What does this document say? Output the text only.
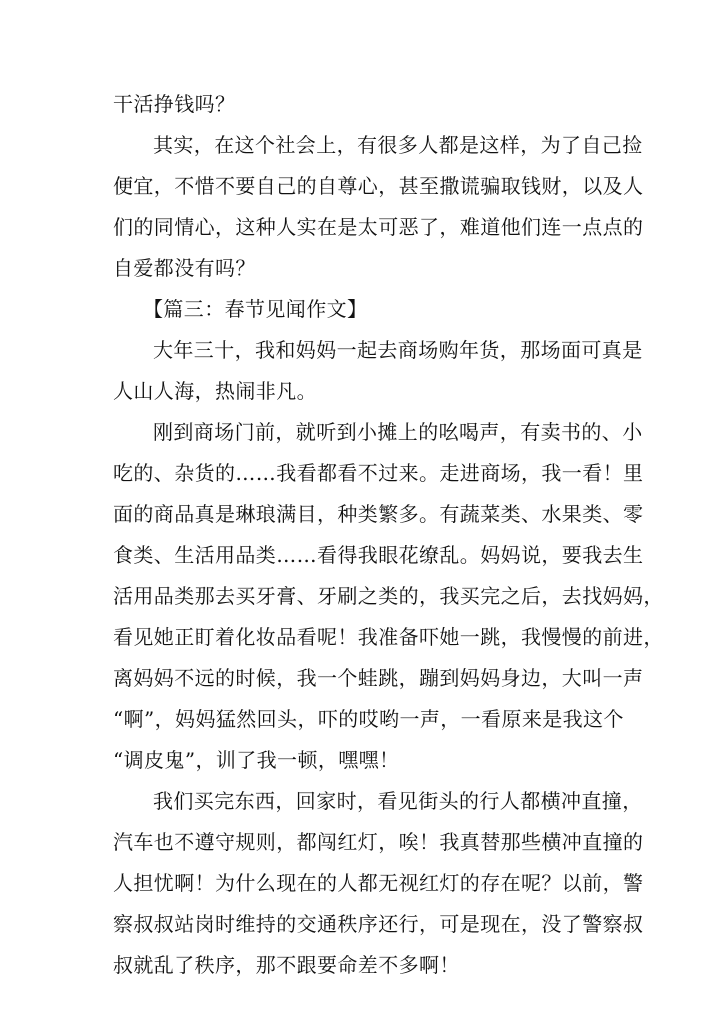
干活挣钱吗？
其实，在这个社会上，有很多人都是这样，为了自己捡
便宜，不惜不要自己的自尊心，甚至撒谎骗取钱财，以及人
们的同情心，这种人实在是太可恶了，难道他们连一点点的
自爱都没有吗？
【篇三：春节见闻作文】
大年三十，我和妈妈一起去商场购年货，那场面可真是
人山人海，热闹非凡。
刚到商场门前，就听到小摊上的吆喝声，有卖书的、小
吃的、杂货的……我看都看不过来。走进商场，我一看！里
面的商品真是琳琅满目，种类繁多。有蔬菜类、水果类、零
食类、生活用品类……看得我眼花缭乱。妈妈说，要我去生
活用品类那去买牙膏、牙刷之类的，我买完之后，去找妈妈，
看见她正盯着化妆品看呢！我准备吓她一跳，我慢慢的前进，
离妈妈不远的时候，我一个蛙跳，蹦到妈妈身边，大叫一声
“啊”，妈妈猛然回头，吓的哎哟一声，一看原来是我这个
“调皮鬼”，训了我一顿，嘿嘿！
我们买完东西，回家时，看见街头的行人都横冲直撞，
汽车也不遵守规则，都闯红灯，唉！我真替那些横冲直撞的
人担忧啊！为什么现在的人都无视红灯的存在呢？以前，警
察叔叔站岗时维持的交通秩序还行，可是现在，没了警察叔
叔就乱了秩序，那不跟要命差不多啊！
